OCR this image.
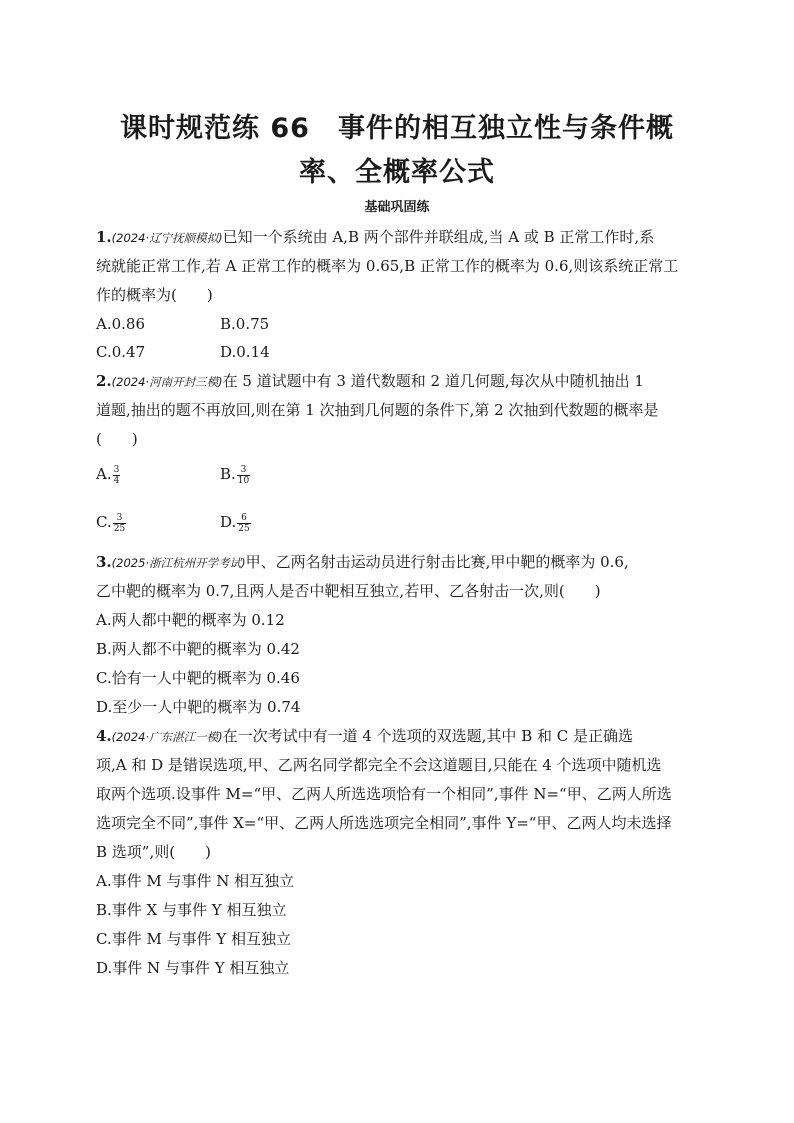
课时规范练 66　事件的相互独立性与条件概
率、全概率公式
基础巩固练
1.(2024·辽宁抚顺模拟)已知一个系统由 A,B 两个部件并联组成,当 A 或 B 正常工作时,系
统就能正常工作,若 A 正常工作的概率为 0.65,B 正常工作的概率为 0.6,则该系统正常工
作的概率为(　　)
A.0.86	B.0.75
C.0.47	D.0.14
2.(2024·河南开封三模)在 5 道试题中有 3 道代数题和 2 道几何题,每次从中随机抽出 1
道题,抽出的题不再放回,则在第 1 次抽到几何题的条件下,第 2 次抽到代数题的概率是
(　　)
A. $\frac{3}{4}$	B. $\frac{3}{10}$
C. $\frac{3}{25}$	D. $\frac{6}{25}$
3.(2025·浙江杭州开学考试)甲、乙两名射击运动员进行射击比赛,甲中靶的概率为 0.6,
乙中靶的概率为 0.7,且两人是否中靶相互独立,若甲、乙各射击一次,则(　　)
A.两人都中靶的概率为 0.12
B.两人都不中靶的概率为 0.42
C.恰有一人中靶的概率为 0.46
D.至少一人中靶的概率为 0.74
4.(2024·广东湛江一模)在一次考试中有一道 4 个选项的双选题,其中 B 和 C 是正确选
项,A 和 D 是错误选项,甲、乙两名同学都完全不会这道题目,只能在 4 个选项中随机选
取两个选项.设事件 M=“甲、乙两人所选选项恰有一个相同”,事件 N=“甲、乙两人所选
选项完全不同”,事件 X=“甲、乙两人所选选项完全相同”,事件 Y=“甲、乙两人均未选择
B 选项”,则(　　)
A.事件 M 与事件 N 相互独立
B.事件 X 与事件 Y 相互独立
C.事件 M 与事件 Y 相互独立
D.事件 N 与事件 Y 相互独立
